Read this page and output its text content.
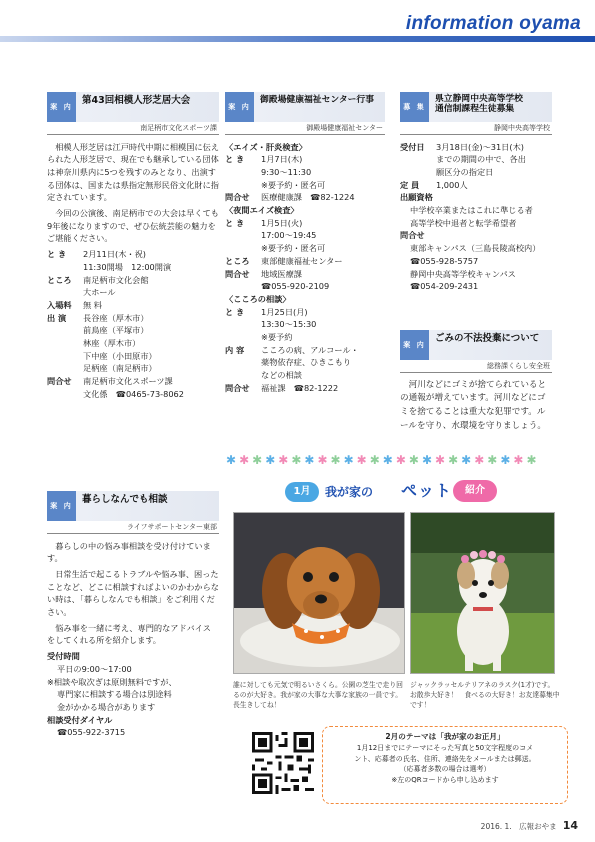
information oyama
案 内
第43回相模人形芝居大会
南足柄市文化スポーツ課

相模人形芝居は江戸時代中期に相模国に伝えられた人形芝居で、現在でも継承している団体は神奈川県内に5つを残すのみとなり、出演する団体は、国または県指定無形民俗文化財に指定されています。

今回の公演後、南足柄市での大会は早くても9年後になりますので、ぜひ伝統芸能の魅力をご堪能ください。

と き	2月11日(木・祝)
11:30開場　12:00開演
ところ	南足柄市文化会館
大ホール
入場料	無 料
出 演	長谷座（厚木市）
前鳥座（平塚市）
林座（厚木市）
下中座（小田原市）
足柄座（南足柄市）
問合せ	南足柄市文化スポーツ課
文化係　☎0465-73-8062
案 内
暮らしなんでも相談
ライフサポートセンター東部

暮らしの中の悩み事相談を受け付けています。

日常生活で起こるトラブルや悩み事、困ったことなど、どこに相談すればよいのかわからない時は、「暮らしなんでも相談」をご利用ください。

悩み事を一緒に考え、専門的なアドバイスをしてくれる所を紹介します。

受付時間
平日の9:00～17:00
※相談や取次ぎは原則無料ですが、
専門家に相談する場合は別途料
金がかかる場合があります
相談受付ダイヤル
☎055-922-3715
案 内
御殿場健康福祉センター行事
御殿場健康福祉センター
〈エイズ・肝炎検査〉
と き	1月7日(木)
9:30～11:30
※要予約・匿名可
問合せ	医療健康課　☎82-1224
〈夜間エイズ検査〉
と き	1月5日(火)
17:00～19:45
※要予約・匿名可
ところ	東部健康福祉センター
問合せ	地域医療課
☎055-920-2109
〈こころの相談〉
と き	1月25日(月)
13:30～15:30
※要予約
内 容	こころの病、アルコール・
薬物依存症、ひきこもり
などの相談
問合せ	福祉課　☎82-1222
募 集
県立静岡中央高等学校
通信制課程生徒募集
静岡中央高等学校
受付日	3月18日(金)～31日(木)
までの期間の中で、各出
願区分の指定日
定 員	1,000人
出願資格
中学校卒業またはこれに準じる者
高等学校中退者と転学希望者
問合せ
東部キャンパス（三島長陵高校内）
☎055-928-5757
静岡中央高等学校キャンパス
☎054-209-2431
案 内
ごみの不法投棄について
総務課くらし安全班

河川などにゴミが捨てられているとの通報が増えています。河川などにゴミを捨てることは重大な犯罪です。ルールを守り、水環境を守りましょう。

✱✱✱✱✱✱✱✱✱✱✱✱✱✱✱✱✱✱✱✱✱✱✱✱
1月	我が家の ペット	紹介
誰に対しても元気で明るいさくら。公園の芝生で走り回るのが大好き。我が家の大事な大事な家族の一員です。長生きしてね！
ジャックラッセルテリアネのラスク(1才)です。お散歩大好き！　食べるの大好き！お友達募集中です！
2月のテーマは「我が家のお正月」
1月12日までにテーマにそった写真と50文字程度のコメ
ント、応募者の氏名、住所、連絡先をメールまたは郵送。
（応募者多数の場合は選考）
※左のQRコードから申し込めます
2016. 1.　広報おやま 14
